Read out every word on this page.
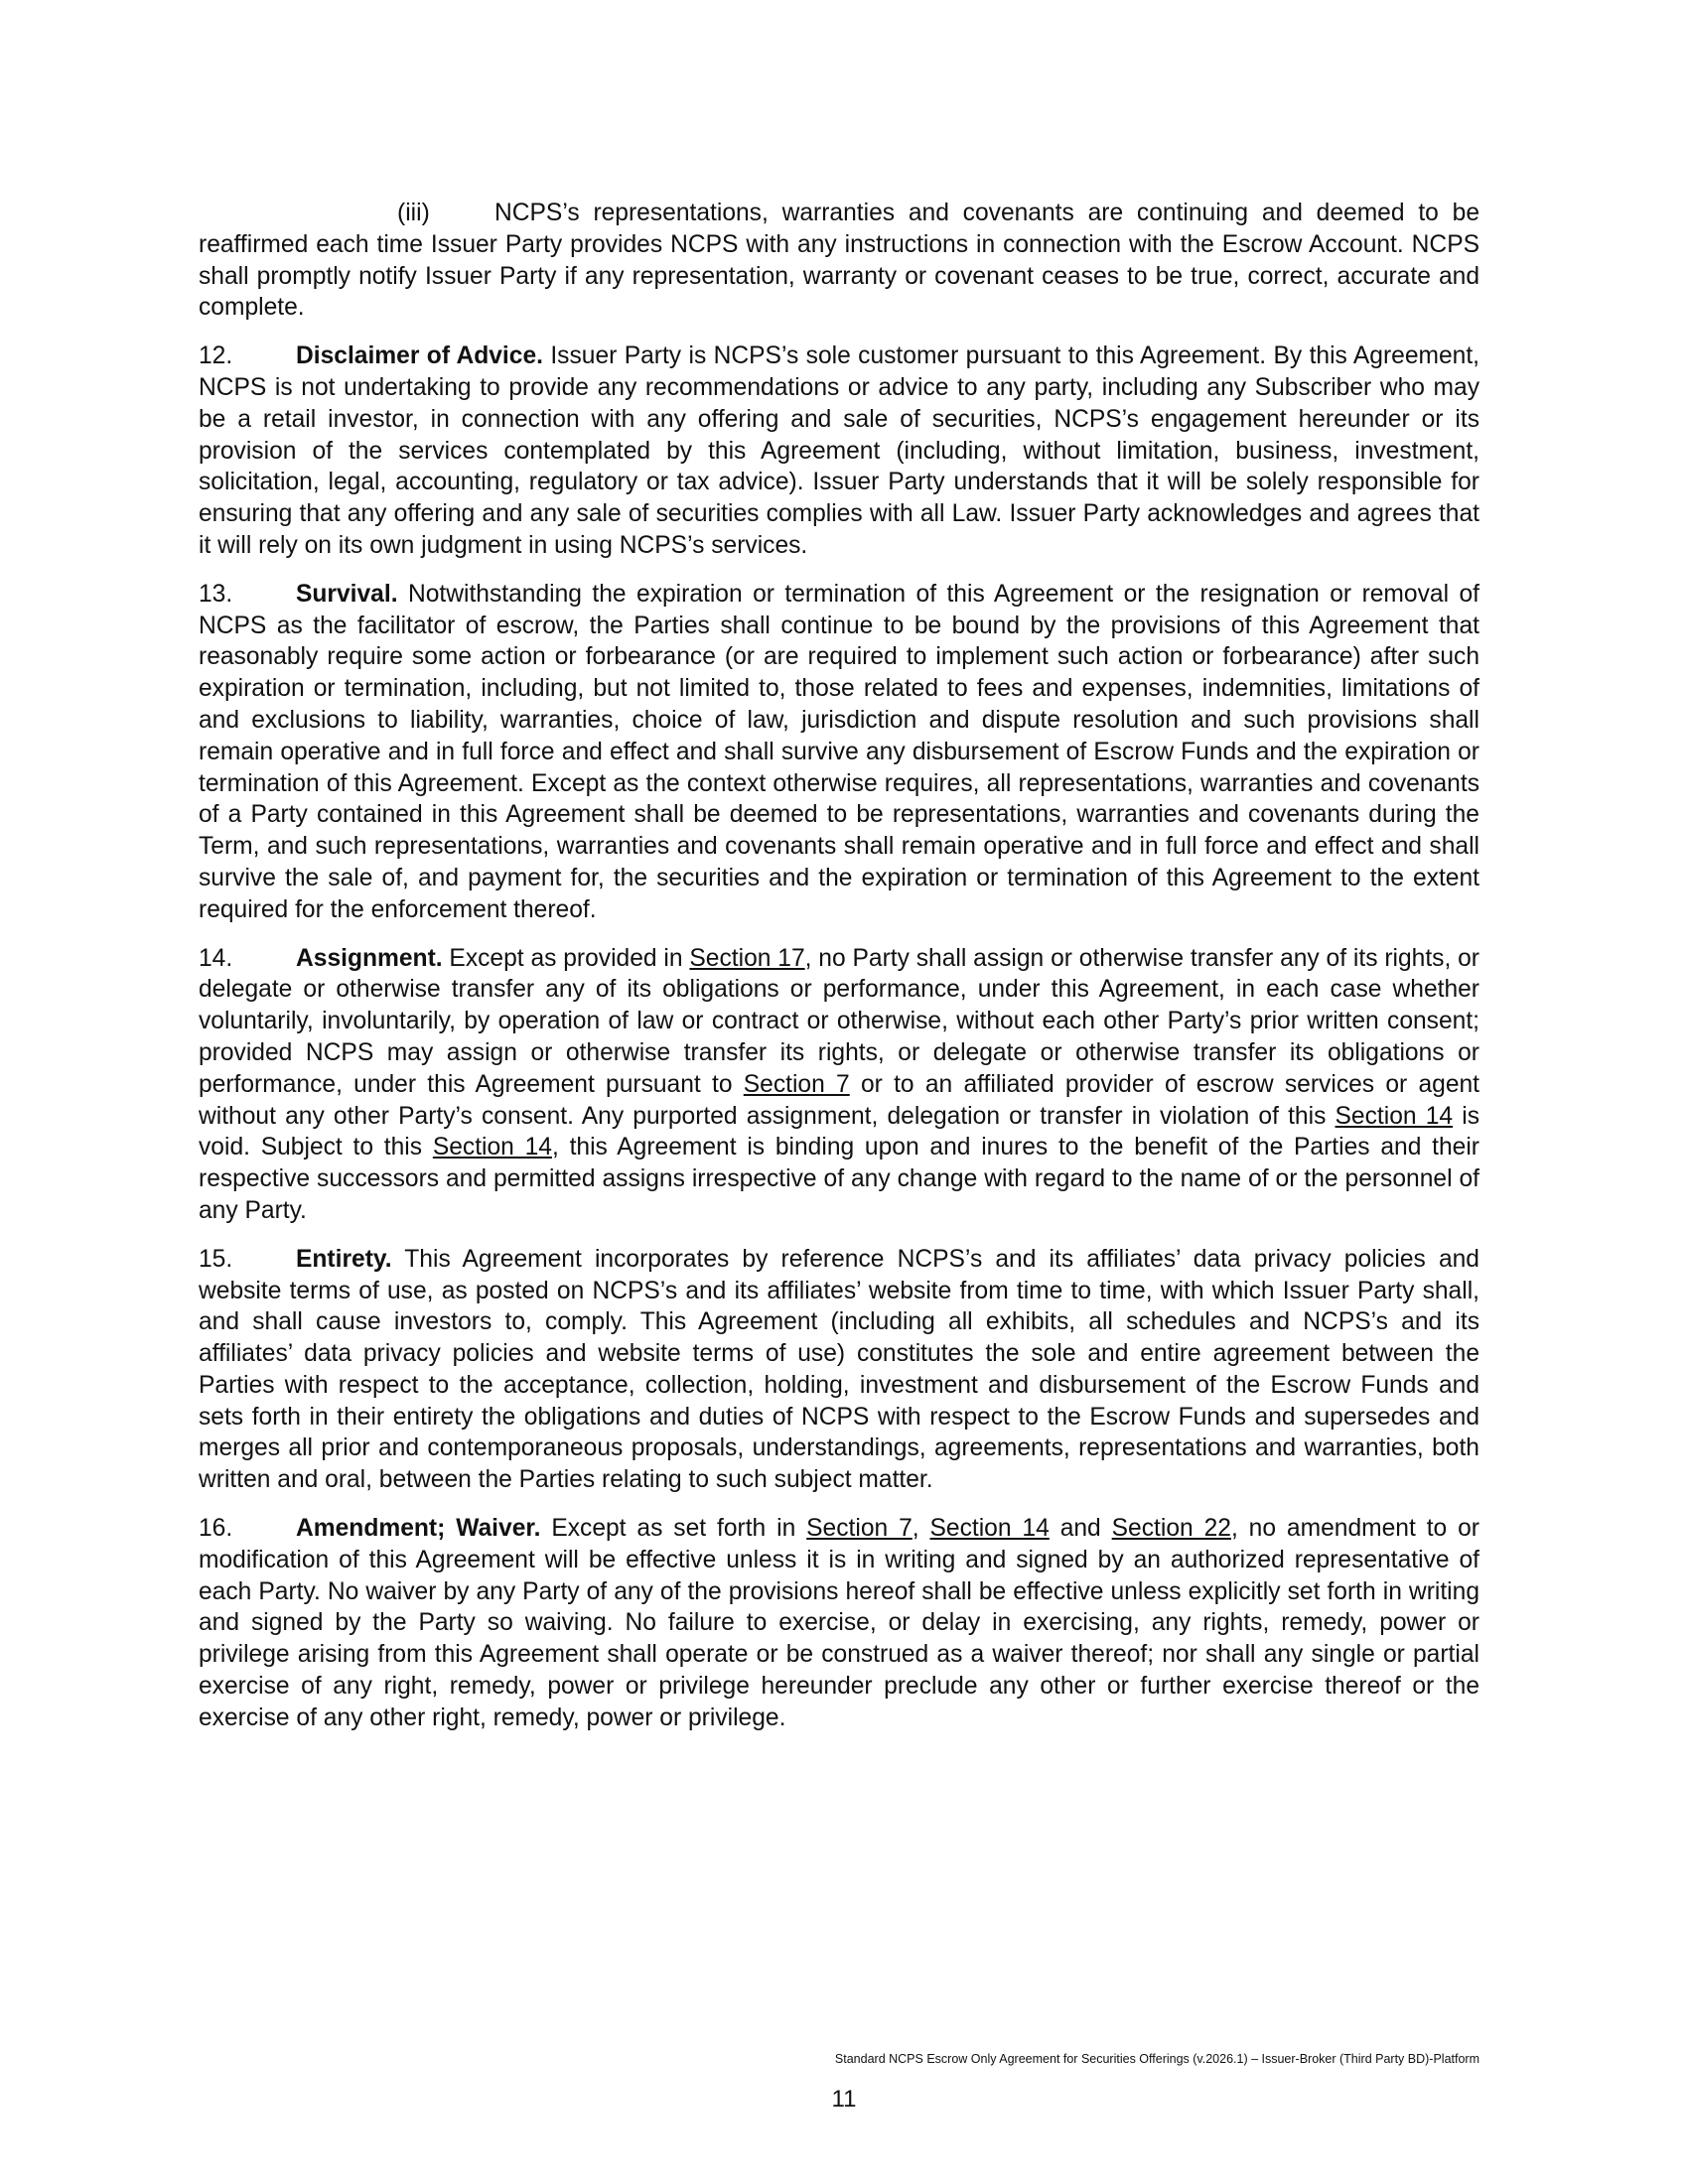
(iii)	NCPS’s representations, warranties and covenants are continuing and deemed to be reaffirmed each time Issuer Party provides NCPS with any instructions in connection with the Escrow Account. NCPS shall promptly notify Issuer Party if any representation, warranty or covenant ceases to be true, correct, accurate and complete.

12.	Disclaimer of Advice. Issuer Party is NCPS’s sole customer pursuant to this Agreement. By this Agreement, NCPS is not undertaking to provide any recommendations or advice to any party, including any Subscriber who may be a retail investor, in connection with any offering and sale of securities, NCPS’s engagement hereunder or its provision of the services contemplated by this Agreement (including, without limitation, business, investment, solicitation, legal, accounting, regulatory or tax advice). Issuer Party understands that it will be solely responsible for ensuring that any offering and any sale of securities complies with all Law. Issuer Party acknowledges and agrees that it will rely on its own judgment in using NCPS’s services.

13.	Survival. Notwithstanding the expiration or termination of this Agreement or the resignation or removal of NCPS as the facilitator of escrow, the Parties shall continue to be bound by the provisions of this Agreement that reasonably require some action or forbearance (or are required to implement such action or forbearance) after such expiration or termination, including, but not limited to, those related to fees and expenses, indemnities, limitations of and exclusions to liability, warranties, choice of law, jurisdiction and dispute resolution and such provisions shall remain operative and in full force and effect and shall survive any disbursement of Escrow Funds and the expiration or termination of this Agreement. Except as the context otherwise requires, all representations, warranties and covenants of a Party contained in this Agreement shall be deemed to be representations, warranties and covenants during the Term, and such representations, warranties and covenants shall remain operative and in full force and effect and shall survive the sale of, and payment for, the securities and the expiration or termination of this Agreement to the extent required for the enforcement thereof.

14.	Assignment. Except as provided in Section 17, no Party shall assign or otherwise transfer any of its rights, or delegate or otherwise transfer any of its obligations or performance, under this Agreement, in each case whether voluntarily, involuntarily, by operation of law or contract or otherwise, without each other Party’s prior written consent; provided NCPS may assign or otherwise transfer its rights, or delegate or otherwise transfer its obligations or performance, under this Agreement pursuant to Section 7 or to an affiliated provider of escrow services or agent without any other Party’s consent. Any purported assignment, delegation or transfer in violation of this Section 14 is void. Subject to this Section 14, this Agreement is binding upon and inures to the benefit of the Parties and their respective successors and permitted assigns irrespective of any change with regard to the name of or the personnel of any Party.

15.	Entirety. This Agreement incorporates by reference NCPS’s and its affiliates’ data privacy policies and website terms of use, as posted on NCPS’s and its affiliates’ website from time to time, with which Issuer Party shall, and shall cause investors to, comply. This Agreement (including all exhibits, all schedules and NCPS’s and its affiliates’ data privacy policies and website terms of use) constitutes the sole and entire agreement between the Parties with respect to the acceptance, collection, holding, investment and disbursement of the Escrow Funds and sets forth in their entirety the obligations and duties of NCPS with respect to the Escrow Funds and supersedes and merges all prior and contemporaneous proposals, understandings, agreements, representations and warranties, both written and oral, between the Parties relating to such subject matter.

16.	Amendment; Waiver. Except as set forth in Section 7, Section 14 and Section 22, no amendment to or modification of this Agreement will be effective unless it is in writing and signed by an authorized representative of each Party. No waiver by any Party of any of the provisions hereof shall be effective unless explicitly set forth in writing and signed by the Party so waiving. No failure to exercise, or delay in exercising, any rights, remedy, power or privilege arising from this Agreement shall operate or be construed as a waiver thereof; nor shall any single or partial exercise of any right, remedy, power or privilege hereunder preclude any other or further exercise thereof or the exercise of any other right, remedy, power or privilege.

Standard NCPS Escrow Only Agreement for Securities Offerings (v.2026.1) – Issuer-Broker (Third Party BD)-Platform
11
